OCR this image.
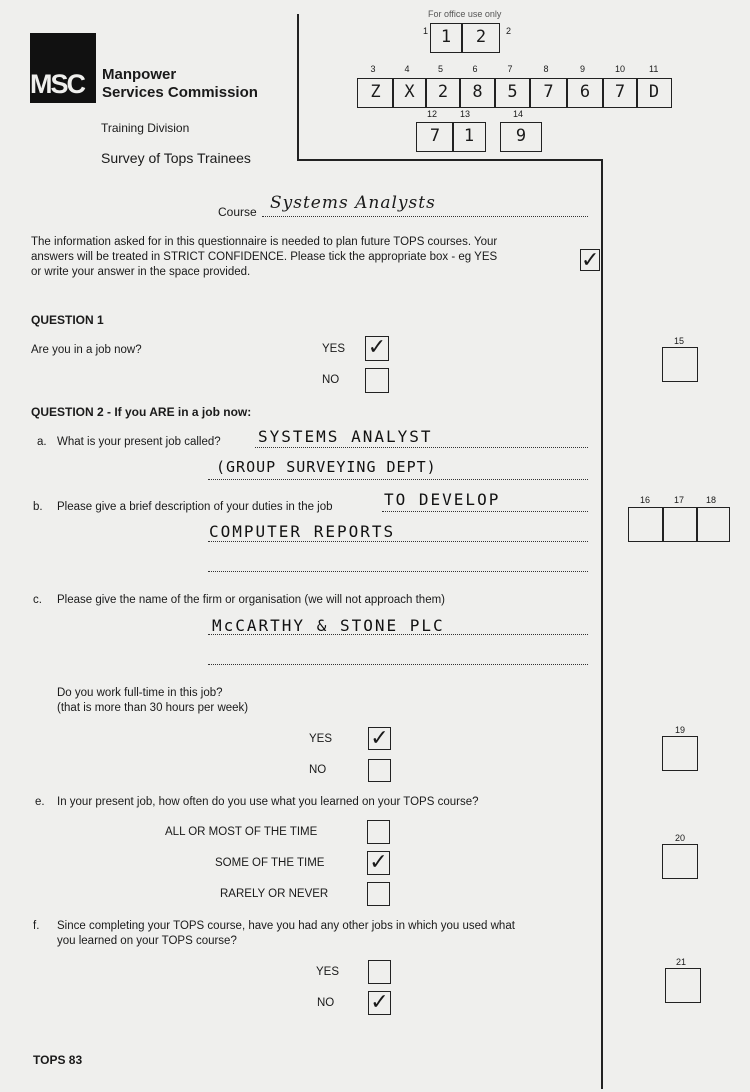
For office use only
1	2
1	2
3	4	5	6	7	8	9	10	11
Z	X	2	8	5	7	6	7	D
12	13	14
7	1	9
MSC	Manpower
Services Commission
Training Division
Survey of Tops Trainees
Course Systems Analysts
The information asked for in this questionnaire is needed to plan future TOPS courses. Your
answers will be treated in STRICT CONFIDENCE. Please tick the appropriate box - eg YES	✓
or write your answer in the space provided.
QUESTION 1
Are you in a job now?	YES ✓
NO
15
QUESTION 2 - If you ARE in a job now:
a. What is your present job called? SYSTEMS ANALYST
(GROUP SURVEYING DEPT)
b. Please give a brief description of your duties in the job	TO DEVELOP
COMPUTER REPORTS
16	17 18
c. Please give the name of the firm or organisation (we will not approach them)
McCARTHY & STONE PLC
Do you work full-time in this job?
(that is more than 30 hours per week)
YES ✓
NO
19
e. In your present job, how often do you use what you learned on your TOPS course?
ALL OR MOST OF THE TIME
SOME OF THE TIME ✓
RARELY OR NEVER
20
f. Since completing your TOPS course, have you had any other jobs in which you used what
you learned on your TOPS course?
YES
NO ✓
21
TOPS 83
